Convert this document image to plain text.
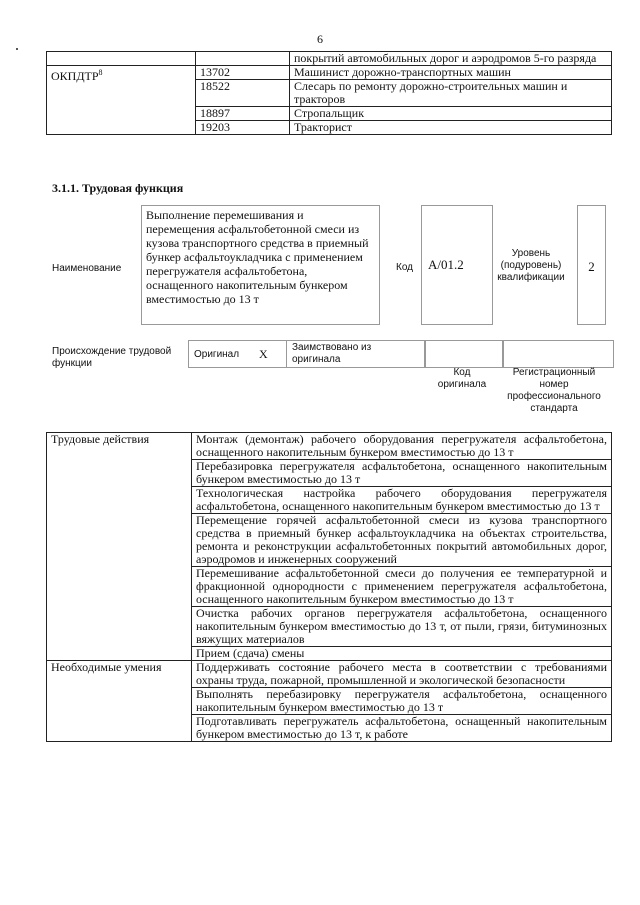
6
		покрытий автомобильных дорог и аэродромов 5-го разряда
ОКПДТР$^8$	13702	Машинист дорожно-транспортных машин
	18522	Слесарь по ремонту дорожно-строительных машин и тракторов
	18897	Стропальщик
	19203	Тракторист
3.1.1. Трудовая функция
Наименование
Выполнение перемешивания и перемещения асфальтобетонной смеси из кузова транспортного средства в приемный бункер асфальтоукладчика с применением перегружателя асфальтобетона, оснащенного накопительным бункером вместимостью до 13 т
Код	A/01.2
Уровень (подуровень) квалификации
2
Происхождение трудовой функции
Оригинал X Заимствовано из оригинала
Код оригинала
Регистрационный номер профессионального стандарта
Трудовые действия	Монтаж (демонтаж) рабочего оборудования перегружателя асфальтобетона, оснащенного накопительным бункером вместимостью до 13 т
	Перебазировка перегружателя асфальтобетона, оснащенного накопительным бункером вместимостью до 13 т
	Технологическая настройка рабочего оборудования перегружателя асфальтобетона, оснащенного накопительным бункером вместимостью до 13 т
	Перемещение горячей асфальтобетонной смеси из кузова транспортного средства в приемный бункер асфальтоукладчика на объектах строительства, ремонта и реконструкции асфальтобетонных покрытий автомобильных дорог, аэродромов и инженерных сооружений
	Перемешивание асфальтобетонной смеси до получения ее температурной и фракционной однородности с применением перегружателя асфальтобетона, оснащенного накопительным бункером вместимостью до 13 т
	Очистка рабочих органов перегружателя асфальтобетона, оснащенного накопительным бункером вместимостью до 13 т, от пыли, грязи, битуминозных вяжущих материалов
	Прием (сдача) смены
Необходимые умения	Поддерживать состояние рабочего места в соответствии с требованиями охраны труда, пожарной, промышленной и экологической безопасности
	Выполнять перебазировку перегружателя асфальтобетона, оснащенного накопительным бункером вместимостью до 13 т
	Подготавливать перегружатель асфальтобетона, оснащенный накопительным бункером вместимостью до 13 т, к работе
